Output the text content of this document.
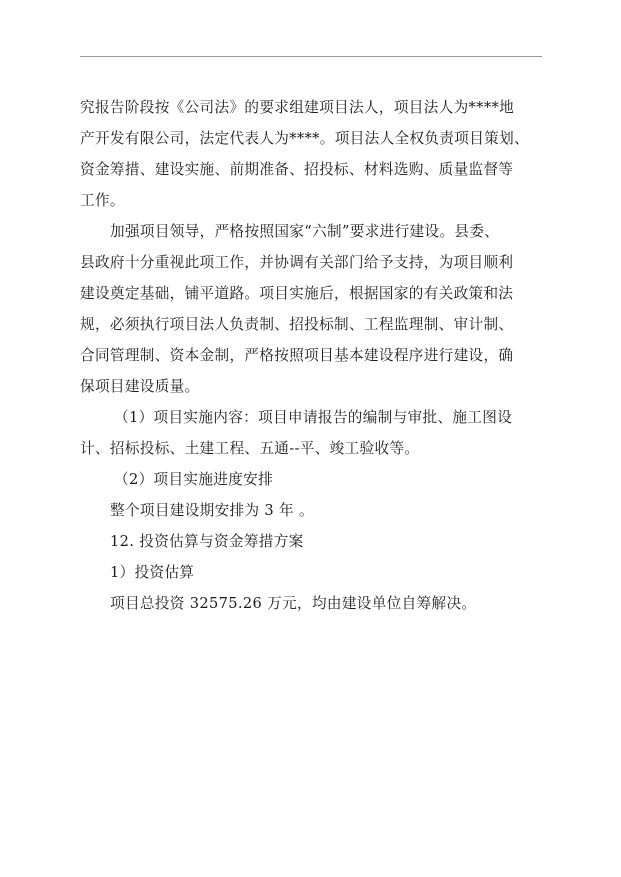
究报告阶段按《公司法》的要求组建项目法人，项目法人为****地
产开发有限公司，法定代表人为****。项目法人全权负责项目策划、
资金筹措、建设实施、前期准备、招投标、材料选购、质量监督等
工作。
加强项目领导，严格按照国家“六制”要求进行建设。县委、
县政府十分重视此项工作，并协调有关部门给予支持，为项目顺利
建设奠定基础，铺平道路。项目实施后，根据国家的有关政策和法
规，必须执行项目法人负责制、招投标制、工程监理制、审计制、
合同管理制、资本金制，严格按照项目基本建设程序进行建设，确
保项目建设质量。
（1）项目实施内容：项目申请报告的编制与审批、施工图设
计、招标投标、土建工程、五通--平、竣工验收等。
（2）项目实施进度安排
整个项目建设期安排为 3 年 。
12. 投资估算与资金筹措方案
1）投资估算
项目总投资 32575.26 万元，均由建设单位自筹解决。
